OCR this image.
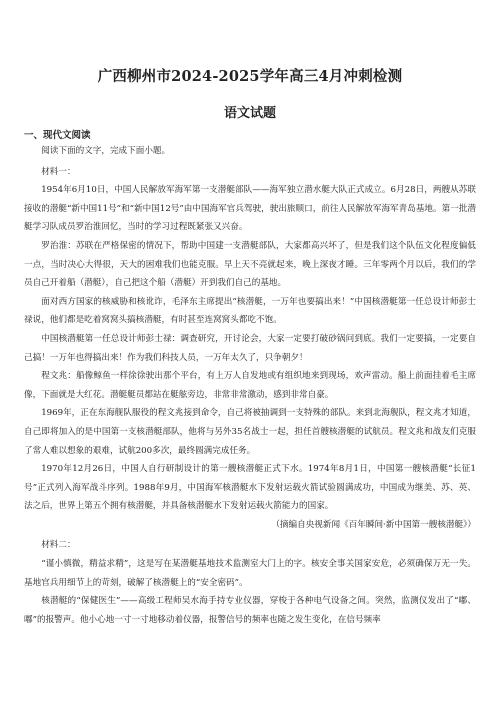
广西柳州市2024-2025学年高三4月冲刺检测
语文试题
一、现代文阅读

阅读下面的文字，完成下面小题。

材料一：

1954年6月10日，中国人民解放军海军第一支潜艇部队——海军独立潜水艇大队正式成立。6月28日，两艘从苏联接收的潜艇“新中国11号”和“新中国12号”由中国海军官兵驾驶，驶出旅顺口，前往人民解放军海军青岛基地。第一批潜艇学习队成员罗治淮回忆，当时的学习过程既紧张又兴奋。

罗治淮：苏联在严格保密的情况下，帮助中国建一支潜艇部队，大家都高兴坏了，但是我们这个队伍文化程度偏低一点，当时决心大得很，天大的困难我们也能克服。早上天不亮就起来，晚上深夜才睡。三年零两个月以后，我们的学员自己开着船（潜艇），自己把这个船（潜艇）开到我们自己的基地。

面对西方国家的核威胁和核讹诈，毛泽东主席提出“核潜艇，一万年也要搞出来！”中国核潜艇第一任总设计师彭士禄说，他们都是吃着窝窝头搞核潜艇，有时甚至连窝窝头都吃不饱。

中国核潜艇第一任总设计师彭士禄：调查研究，开讨论会，大家一定要打破砂锅问到底。我们一定要搞，一定要自己搞！一万年也得搞出来！作为我们科技人员，一万年太久了，只争朝夕！

程文兆：船像鲸鱼一样徐徐驶出那个平台，有上万人自发地或有组织地来到现场，欢声雷动。船上前面挂着毛主席像，下面就是大红花。潜艇艇员都站在艇舷旁边，非常非常激动，感到非常自豪。

1969年，正在东海舰队服役的程文兆接到命令，自己将被抽调到一支特殊的部队。来到北海舰队，程文兆才知道，自己即将加入的是中国第一支核潜艇部队，他将与另外35名战士一起，担任首艘核潜艇的试航员。程文兆和战友们克服了常人难以想象的艰难，试航200多次，最终圆满完成任务。

1970年12月26日，中国人自行研制设计的第一艘核潜艇正式下水。1974年8月1日，中国第一艘核潜艇“长征1号”正式列入海军战斗序列。1988年9月，中国海军核潜艇水下发射运载火箭试验圆满成功，中国成为继美、苏、英、法之后，世界上第五个拥有核潜艇，并具备核潜艇水下发射运载火箭能力的国家。

（摘编自央视新闻《百年瞬间·新中国第一艘核潜艇》）

材料二：

“谨小慎微，精益求精”，这是写在某潜艇基地技术监测室大门上的字。核安全事关国家安危，必须确保万无一失。基地官兵用细节上的苛刻，破解了核潜艇上的“安全密码”。

核潜艇的“保健医生”——高级工程师吴水海手持专业仪器，穿梭于各种电气设备之间。突然，监测仪发出了“嘟、嘟”的报警声。他小心地一寸一寸地移动着仪器，报警信号的频率也随之发生变化，在信号频率
